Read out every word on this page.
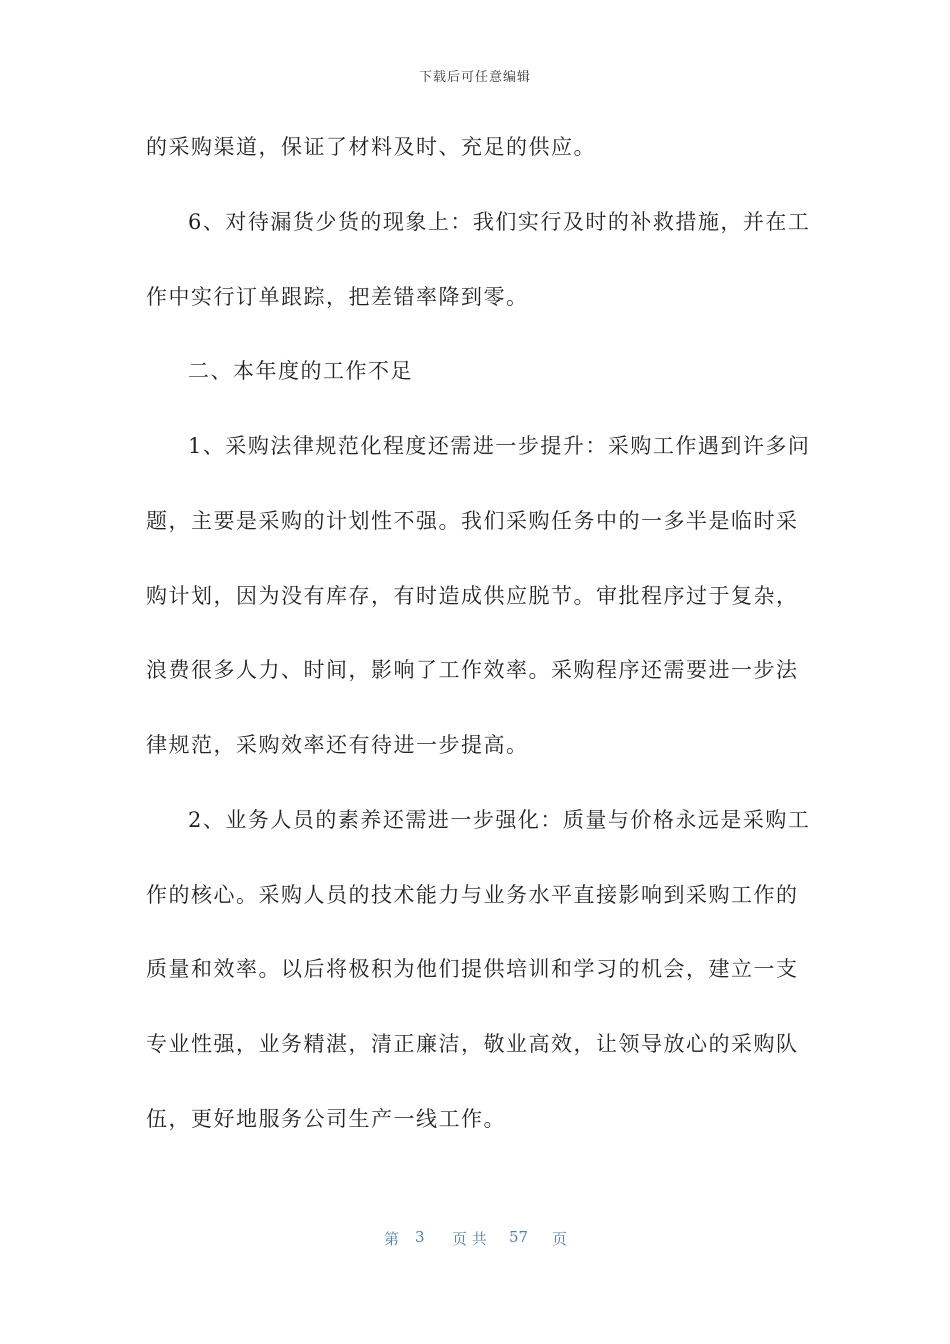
下载后可任意编辑
的采购渠道，保证了材料及时、充足的供应。
6、对待漏货少货的现象上：我们实行及时的补救措施，并在工
作中实行订单跟踪，把差错率降到零。
二、本年度的工作不足
1、采购法律规范化程度还需进一步提升：采购工作遇到许多问
题，主要是采购的计划性不强。我们采购任务中的一多半是临时采
购计划，因为没有库存，有时造成供应脱节。审批程序过于复杂，
浪费很多人力、时间，影响了工作效率。采购程序还需要进一步法
律规范，采购效率还有待进一步提高。
2、业务人员的素养还需进一步强化：质量与价格永远是采购工
作的核心。采购人员的技术能力与业务水平直接影响到采购工作的
质量和效率。以后将极积为他们提供培训和学习的机会，建立一支
专业性强，业务精湛，清正廉洁，敬业高效，让领导放心的采购队
伍，更好地服务公司生产一线工作。
第 3 页 共 57 页
